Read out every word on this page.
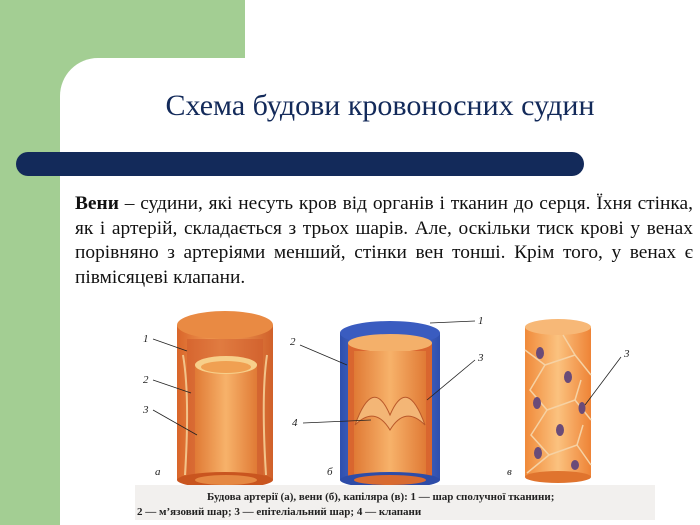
Схема будови кровоносних судин
Вени – судини, які несуть кров від органів і тканин до серця. Їхня стінка, як і артерій, складається з трьох шарів. Але, оскільки тиск крові у венах порівняно з артеріями менший, стінки вен тонші. Крім того, у венах є півмісяцеві клапани.
1
2
3
а
1
2
3
4
б
3
в
Будова артерії (а), вени (б), капіляра (в): 1 — шар сполучної тканини;
2 — м’язовий шар; 3 — епітеліальний шар; 4 — клапани
